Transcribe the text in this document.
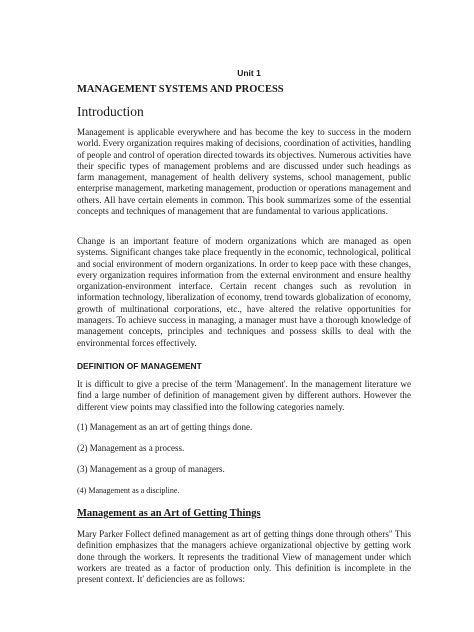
Unit 1
MANAGEMENT SYSTEMS AND PROCESS
Introduction

Management is applicable everywhere and has become the key to success in the modern world. Every organization requires making of decisions, coordination of activities, handling of people and control of operation directed towards its objectives. Numerous activities have their specific types of management problems and are discussed under such headings as farm management, management of health delivery systems, school management, public enterprise management, marketing management, production or operations management and others. All have certain elements in common. This book summarizes some of the essential concepts and techniques of management that are fundamental to various applications.

Change is an important feature of modern organizations which are managed as open systems. Significant changes take place frequently in the economic, technological, political and social environment of modern organizations. In order to keep pace with these changes, every organization requires information from the external environment and ensure healthy organization-environment interface. Certain recent changes such as revolution in information technology, liberalization of economy, trend towards globalization of economy, growth of multinational corporations, etc., have altered the relative opportunities for managers. To achieve success in managing, a manager must have a thorough knowledge of management concepts, principles and techniques and possess skills to deal with the environmental forces effectively.

DEFINITION OF MANAGEMENT

It is difficult to give a precise of the term 'Management'. In the management literature we find a large number of definition of management given by different authors. However the different view points may classified into the following categories namely.

(1) Management as an art of getting things done.
(2) Management as a process.
(3) Management as a group of managers.
(4) Management as a discipline.
Management as an Art of Getting Things

Mary Parker Follect defined management as art of getting things done through others" This definition emphasizes that the managers achieve organizational objective by getting work done through the workers. It represents the traditional View of management under which workers are treated as a factor of production only. This definition is incomplete in the present context. It' deficiencies are as follows:
